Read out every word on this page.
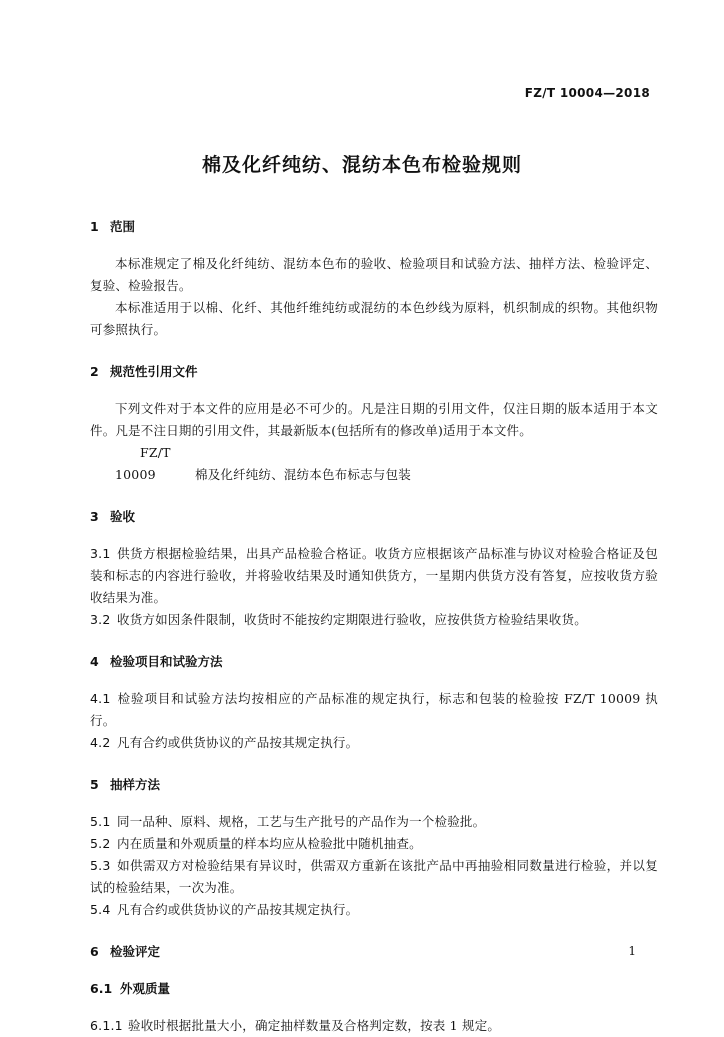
FZ/T 10004—2018
棉及化纤纯纺、混纺本色布检验规则
1 范围

本标准规定了棉及化纤纯纺、混纺本色布的验收、检验项目和试验方法、抽样方法、检验评定、复验、检验报告。

本标准适用于以棉、化纤、其他纤维纯纺或混纺的本色纱线为原料，机织制成的织物。其他织物可参照执行。

2 规范性引用文件

下列文件对于本文件的应用是必不可少的。凡是注日期的引用文件，仅注日期的版本适用于本文件。凡是不注日期的引用文件，其最新版本(包括所有的修改单)适用于本文件。

FZ/T 10009	棉及化纤纯纺、混纺本色布标志与包装

3 验收

3.1 供货方根据检验结果，出具产品检验合格证。收货方应根据该产品标准与协议对检验合格证及包装和标志的内容进行验收，并将验收结果及时通知供货方，一星期内供货方没有答复，应按收货方验收结果为准。

3.2 收货方如因条件限制，收货时不能按约定期限进行验收，应按供货方检验结果收货。

4 检验项目和试验方法

4.1 检验项目和试验方法均按相应的产品标准的规定执行，标志和包装的检验按 FZ/T 10009 执行。

4.2 凡有合约或供货协议的产品按其规定执行。

5 抽样方法

5.1 同一品种、原料、规格，工艺与生产批号的产品作为一个检验批。

5.2 内在质量和外观质量的样本均应从检验批中随机抽查。

5.3 如供需双方对检验结果有异议时，供需双方重新在该批产品中再抽验相同数量进行检验，并以复试的检验结果，一次为准。

5.4 凡有合约或供货协议的产品按其规定执行。

6 检验评定
6.1 外观质量

6.1.1 验收时根据批量大小，确定抽样数量及合格判定数，按表 1 规定。

1
